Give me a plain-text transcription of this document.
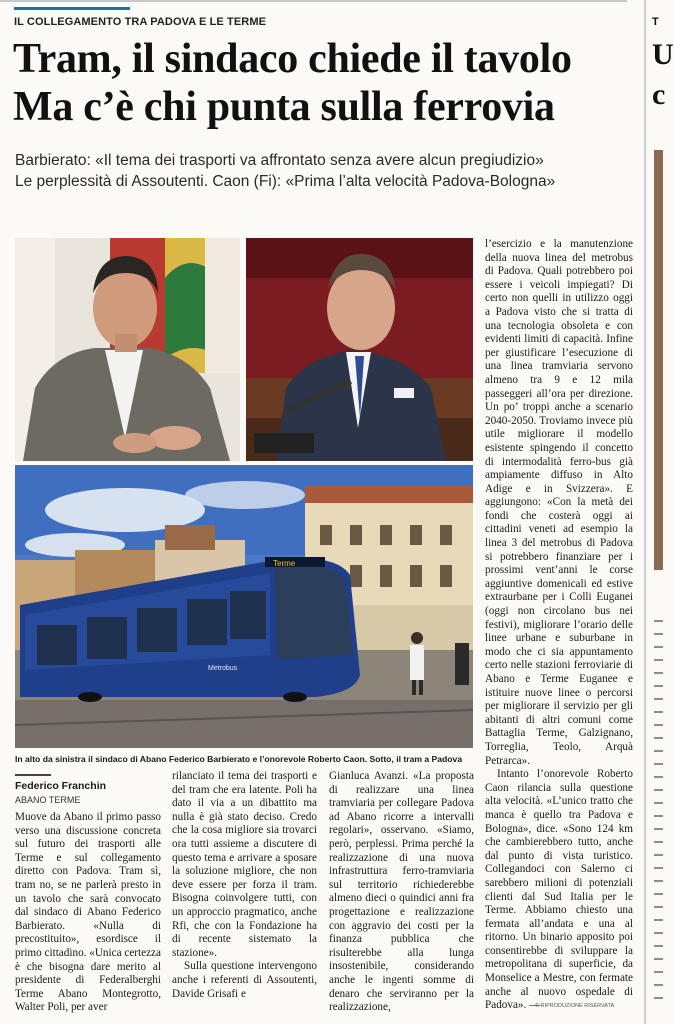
IL COLLEGAMENTO TRA PADOVA E LE TERME
Tram, il sindaco chiede il tavolo
Ma c’è chi punta sulla ferrovia
Barbierato: «Il tema dei trasporti va affrontato senza avere alcun pregiudizio»
Le perplessità di Assoutenti. Caon (Fi): «Prima l’alta velocità Padova-Bologna»
Terme
Metrobus
In alto da sinistra il sindaco di Abano Federico Barbierato e l’onorevole Roberto Caon. Sotto, il tram a Padova
Federico Franchin
ABANO TERME

Muove da Abano il primo passo verso una discussione concreta sul futuro dei trasporti alle Terme e sul collegamento diretto con Padova. Tram sì, tram no, se ne parlerà presto in un tavolo che sarà convocato dal sindaco di Abano Federico Barbierato. «Nulla di precostituito», esordisce il primo cittadino. «Unica certezza è che bisogna dare merito al presidente di Federalberghi Terme Abano Montegrotto, Walter Poli, per aver

rilanciato il tema dei trasporti e del tram che era latente. Poli ha dato il via a un dibattito ma nulla è già stato deciso. Credo che la cosa migliore sia trovarci ora tutti assieme a discutere di questo tema e arrivare a sposare la soluzione migliore, che non deve essere per forza il tram. Bisogna coinvolgere tutti, con un approccio pragmatico, anche Rfi, che con la Fondazione ha di recente sistemato la stazione».

Sulla questione intervengono anche i referenti di Assoutenti, Davide Grisafi e

Gianluca Avanzi. «La proposta di realizzare una linea tramviaria per collegare Padova ad Abano ricorre a intervalli regolari», osservano. «Siamo, però, perplessi. Prima perché la realizzazione di una nuova infrastruttura ferro-tramviaria sul territorio richiederebbe almeno dieci o quindici anni fra progettazione e realizzazione con aggravio dei costi per la finanza pubblica che risulterebbe alla lunga insostenibile, considerando anche le ingenti somme di denaro che serviranno per la realizzazione,

l’esercizio e la manutenzione della nuova linea del metrobus di Padova. Quali potrebbero poi essere i veicoli impiegati? Di certo non quelli in utilizzo oggi a Padova visto che si tratta di una tecnologia obsoleta e con evidenti limiti di capacità. Infine per giustificare l’esecuzione di una linea tramviaria servono almeno tra 9 e 12 mila passeggeri all’ora per direzione. Un po’ troppi anche a scenario 2040-2050. Troviamo invece più utile migliorare il modello esistente spingendo il concetto di intermodalità ferro-bus già ampiamente diffuso in Alto Adige e in Svizzera». E aggiungono: «Con la metà dei fondi che costerà oggi ai cittadini veneti ad esempio la linea 3 del metrobus di Padova si potrebbero finanziare per i prossimi vent’anni le corse aggiuntive domenicali ed estive extraurbane per i Colli Euganei (oggi non circolano bus nei festivi), migliorare l’orario delle linee urbane e suburbane in modo che ci sia appuntamento certo nelle stazioni ferroviarie di Abano e Terme Euganee e istituire nuove linee o percorsi per migliorare il servizio per gli abitanti di altri comuni come Battaglia Terme, Galzignano, Torreglia, Teolo, Arquà Petrarca».

Intanto l’onorevole Roberto Caon rilancia sulla questione alta velocità. «L’unico tratto che manca è quello tra Padova e Bologna», dice. «Sono 124 km che cambierebbero tutto, anche dal punto di vista turistico. Collegandoci con Salerno ci sarebbero milioni di potenziali clienti dal Sud Italia per le Terme. Abbiamo chiesto una fermata all’andata e una al ritorno. Un binario apposito poi consentirebbe di sviluppare la metropolitana di superficie, da Monselice a Mestre, con fermate anche al nuovo ospedale di Padova». —

© RIPRODUZIONE RISERVATA
T
U
c
